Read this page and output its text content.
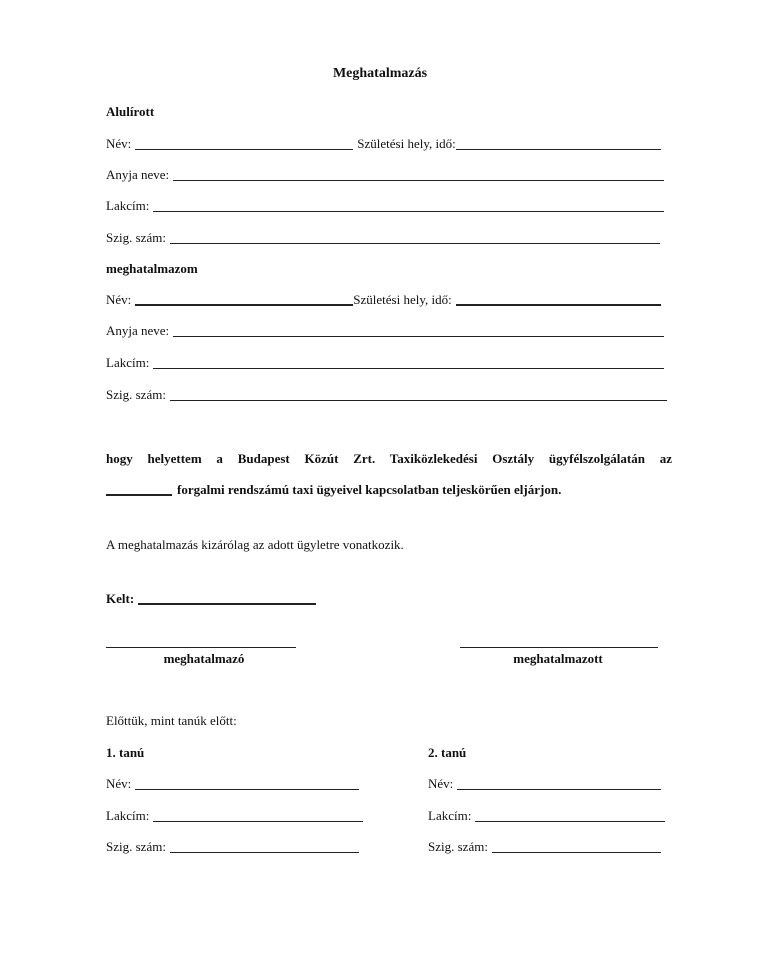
Meghatalmazás
Alulírott
Név:	Születési hely, idő:
Anyja neve:
Lakcím:
Szig. szám:
meghatalmazom
Név:	Születési hely, idő:
Anyja neve:
Lakcím:
Szig. szám:
hogy helyettem a Budapest Közút Zrt. Taxiközlekedési Osztály ügyfélszolgálatán az
forgalmi rendszámú taxi ügyeivel kapcsolatban teljeskörűen eljárjon.
A meghatalmazás kizárólag az adott ügyletre vonatkozik.
Kelt:
meghatalmazó	meghatalmazott
Előttük, mint tanúk előtt:
1. tanú	2. tanú
Név:
Lakcím:
Szig. szám:
Név:
Lakcím:
Szig. szám:
